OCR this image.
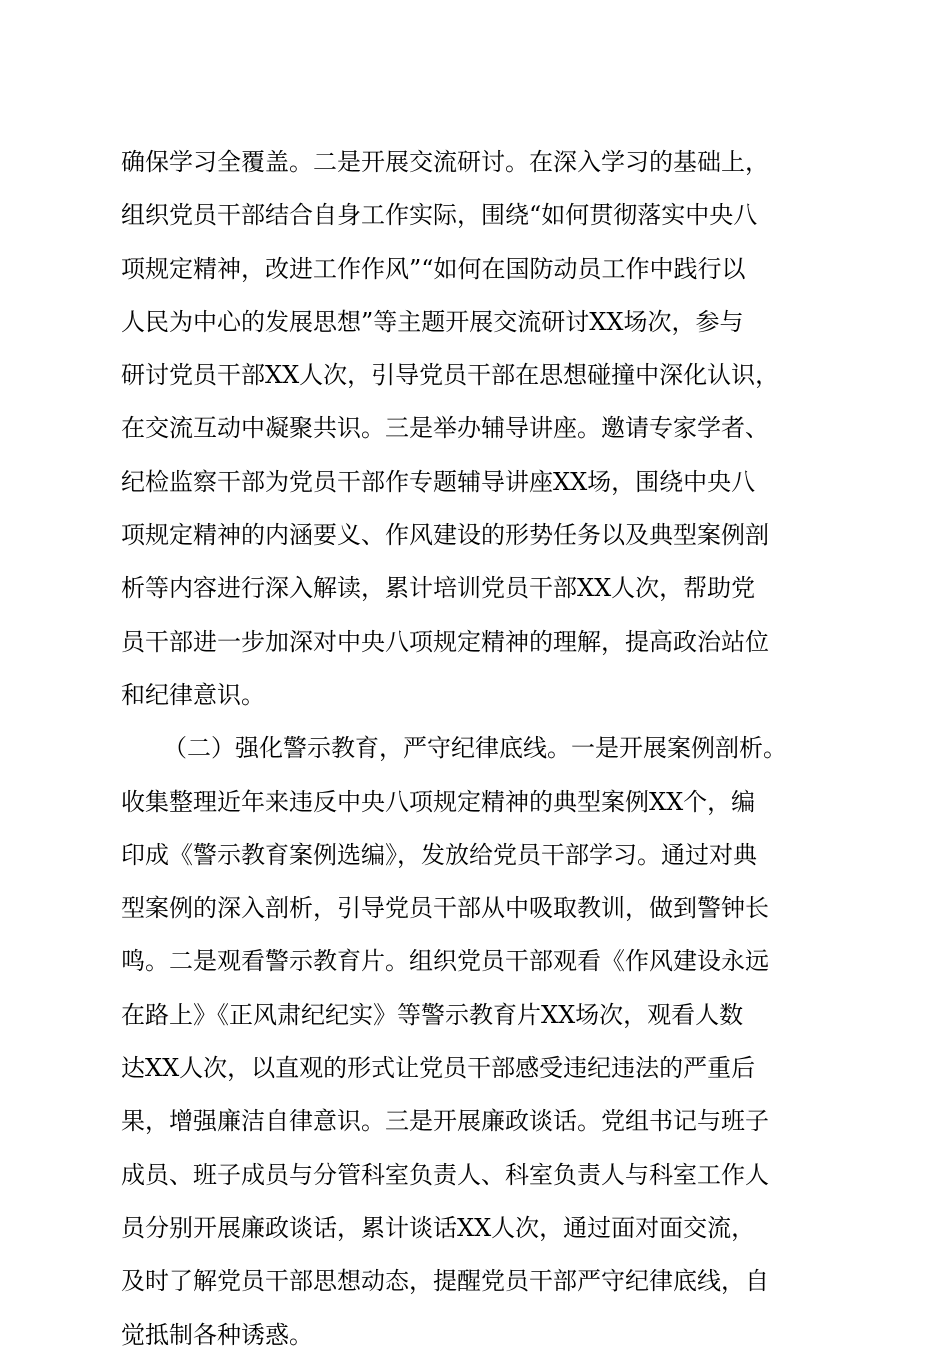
确保学习全覆盖。二是开展交流研讨。在深入学习的基础上，

组织党员干部结合自身工作实际，围绕“如何贯彻落实中央八

项规定精神，改进工作作风”“如何在国防动员工作中践行以

人民为中心的发展思想”等主题开展交流研讨XX场次，参与

研讨党员干部XX人次，引导党员干部在思想碰撞中深化认识，

在交流互动中凝聚共识。三是举办辅导讲座。邀请专家学者、

纪检监察干部为党员干部作专题辅导讲座XX场，围绕中央八

项规定精神的内涵要义、作风建设的形势任务以及典型案例剖

析等内容进行深入解读，累计培训党员干部XX人次，帮助党

员干部进一步加深对中央八项规定精神的理解，提高政治站位

和纪律意识。

（二）强化警示教育，严守纪律底线。一是开展案例剖析。

收集整理近年来违反中央八项规定精神的典型案例XX个，编

印成《警示教育案例选编》，发放给党员干部学习。通过对典

型案例的深入剖析，引导党员干部从中吸取教训，做到警钟长

鸣。二是观看警示教育片。组织党员干部观看《作风建设永远

在路上》《正风肃纪纪实》等警示教育片XX场次，观看人数

达XX人次，以直观的形式让党员干部感受违纪违法的严重后

果，增强廉洁自律意识。三是开展廉政谈话。党组书记与班子

成员、班子成员与分管科室负责人、科室负责人与科室工作人

员分别开展廉政谈话，累计谈话XX人次，通过面对面交流，

及时了解党员干部思想动态，提醒党员干部严守纪律底线，自

觉抵制各种诱惑。
